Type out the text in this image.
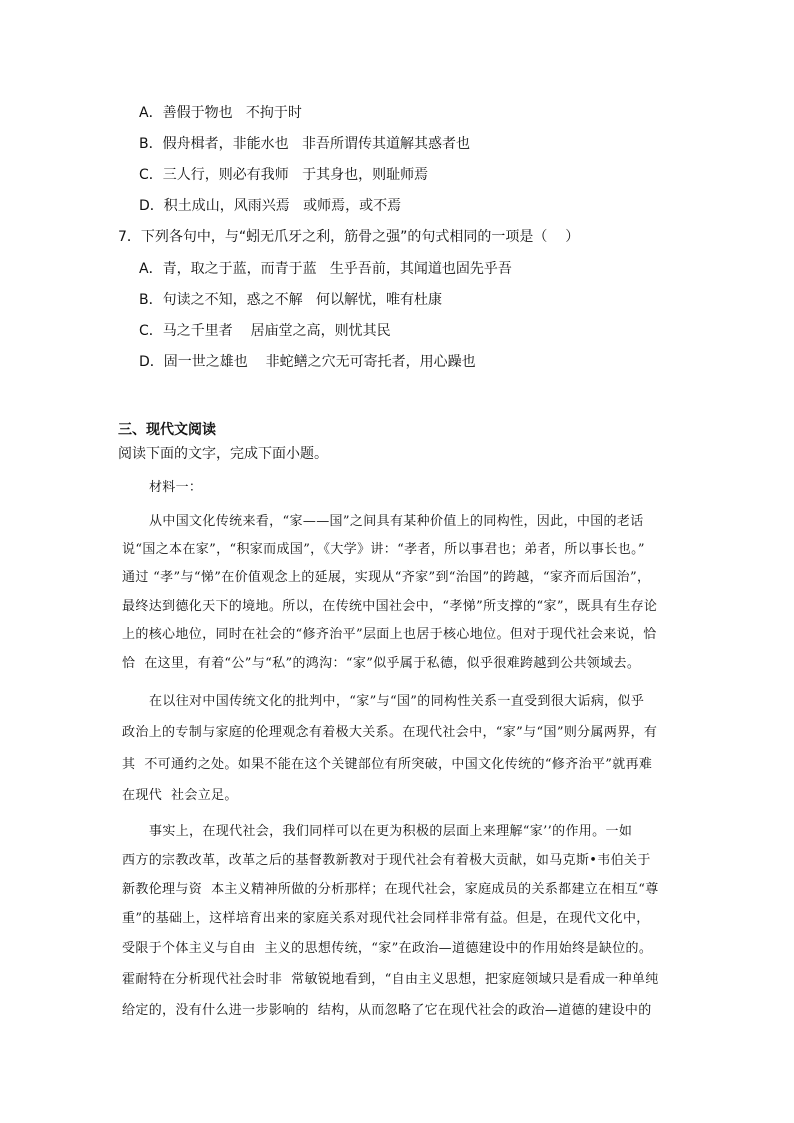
A．善假于物也   不拘于时
B．假舟楫者，非能水也   非吾所谓传其道解其惑者也
C．三人行，则必有我师   于其身也，则耻师焉
D．积土成山，风雨兴焉   或师焉，或不焉
7．下列各句中，与“蚓无爪牙之利，筋骨之强”的句式相同的一项是（    ）
A．青，取之于蓝，而青于蓝   生乎吾前，其闻道也固先乎吾
B．句读之不知，惑之不解   何以解忧，唯有杜康
C．马之千里者    居庙堂之高，则忧其民
D．固一世之雄也    非蛇鳝之穴无可寄托者，用心躁也
三、现代文阅读
阅读下面的文字，完成下面小题。
材料一：
从中国文化传统来看，“家——国”之间具有某种价值上的同构性，因此，中国的老话
说“国之本在家”，“积家而成国”，《大学》讲：“孝者，所以事君也；弟者，所以事长也。”
通过 “孝”与“悌”在价值观念上的延展，实现从“齐家”到“治国”的跨越，“家齐而后国治”，
最终达到德化天下的境地。所以，在传统中国社会中，“孝悌”所支撑的“家”，既具有生存论
上的核心地位，同时在社会的“修齐治平”层面上也居于核心地位。但对于现代社会来说，恰
恰  在这里，有着“公”与“私”的鸿沟：“家”似乎属于私德，似乎很难跨越到公共领域去。
在以往对中国传统文化的批判中，“家”与“国”的同构性关系一直受到很大诟病，似乎
政治上的专制与家庭的伦理观念有着极大关系。在现代社会中，“家”与“国”则分属两界，有
其  不可通约之处。如果不能在这个关键部位有所突破，中国文化传统的“修齐治平”就再难
在现代  社会立足。
事实上，在现代社会，我们同样可以在更为积极的层面上来理解“家’’的作用。一如
西方的宗教改革，改革之后的基督教新教对于现代社会有着极大贡献，如马克斯•韦伯关于
新教伦理与资  本主义精神所做的分析那样；在现代社会，家庭成员的关系都建立在相互“尊
重”的基础上，这样培育出来的家庭关系对现代社会同样非常有益。但是，在现代文化中，
受限于个体主义与自由  主义的思想传统，“家”在政治—道德建设中的作用始终是缺位的。
霍耐特在分析现代社会时非  常敏锐地看到，“自由主义思想，把家庭领域只是看成一种单纯
给定的，没有什么进一步影响的  结构，从而忽略了它在现代社会的政治—道德的建设中的
